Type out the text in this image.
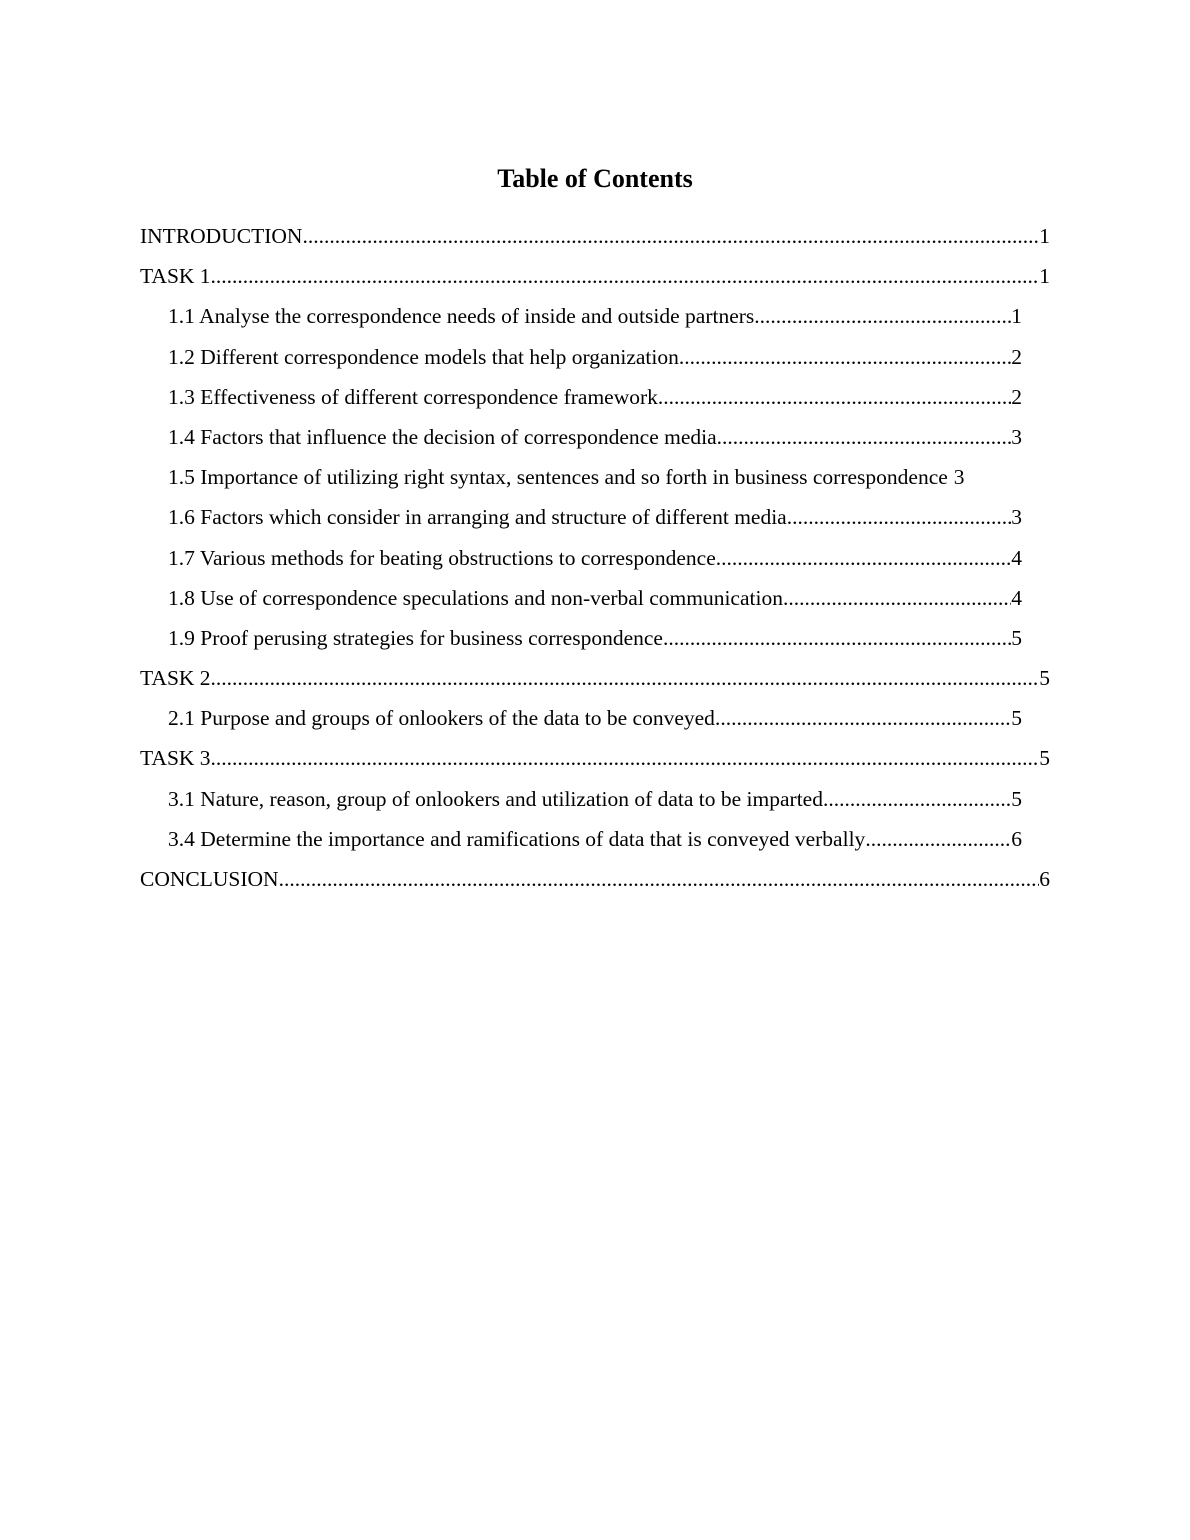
Table of Contents
INTRODUCTION .....	1
TASK 1 .....	1
1.1 Analyse the correspondence needs of inside and outside partners .....	1
1.2 Different correspondence models that help organization .....	2
1.3 Effectiveness of different correspondence framework .....	2
1.4 Factors that influence the decision of correspondence media .....	3
1.5 Importance of utilizing right syntax, sentences and so forth in business correspondence 3
1.6 Factors which consider in arranging and structure of different media .....	3
1.7 Various methods for beating obstructions to correspondence .....	4
1.8 Use of correspondence speculations and non-verbal communication .....	4
1.9 Proof perusing strategies for business correspondence .....	5
TASK 2 .....	5
2.1 Purpose and groups of onlookers of the data to be conveyed .....	5
TASK 3 .....	5
3.1 Nature, reason, group of onlookers and utilization of data to be imparted .....	5
3.4 Determine the importance and ramifications of data that is conveyed verbally .....	6
CONCLUSION .....	6
